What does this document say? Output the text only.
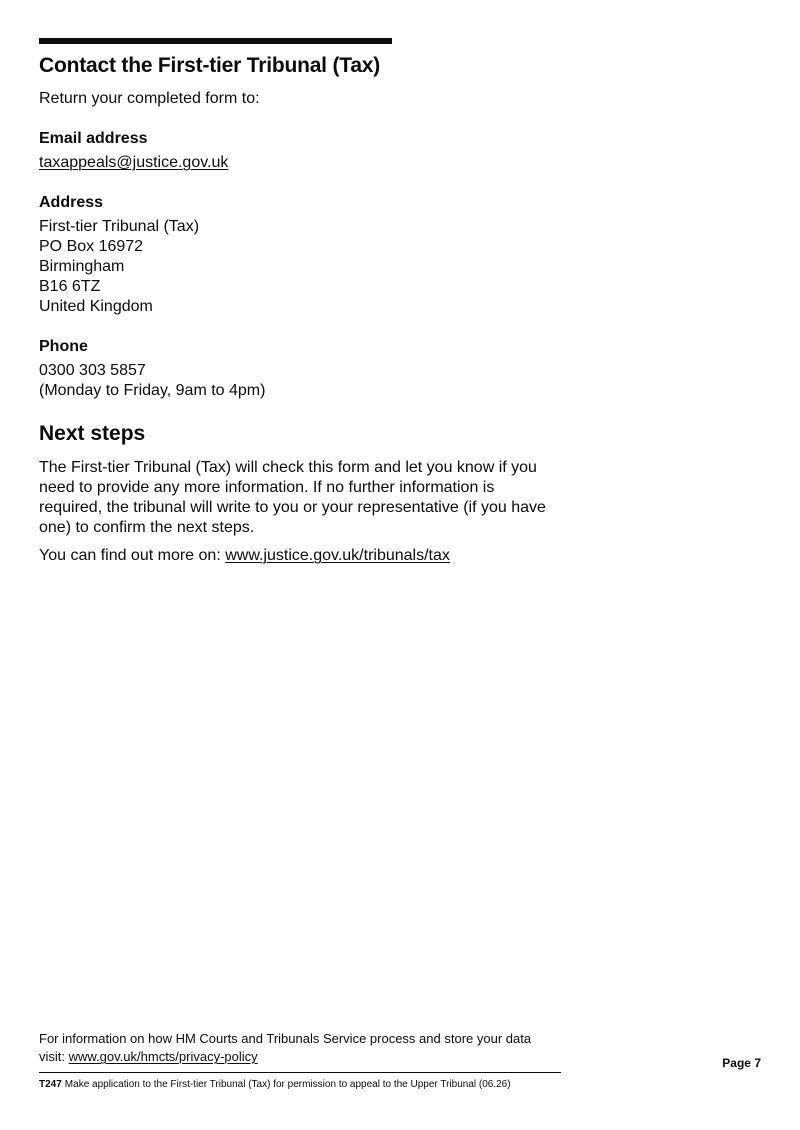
Contact the First-tier Tribunal (Tax)

Return your completed form to:

Email address

taxappeals@justice.gov.uk

Address
First-tier Tribunal (Tax)
PO Box 16972
Birmingham
B16 6TZ
United Kingdom
Phone
0300 303 5857
(Monday to Friday, 9am to 4pm)
Next steps

The First-tier Tribunal (Tax) will check this form and let you know if you need to provide any more information. If no further information is required, the tribunal will write to you or your representative (if you have one) to confirm the next steps.

You can find out more on: www.justice.gov.uk/tribunals/tax

For information on how HM Courts and Tribunals Service process and store your data
visit: www.gov.uk/hmcts/privacy-policy	Page 7
T247 Make application to the First-tier Tribunal (Tax) for permission to appeal to the Upper Tribunal (06.26)
